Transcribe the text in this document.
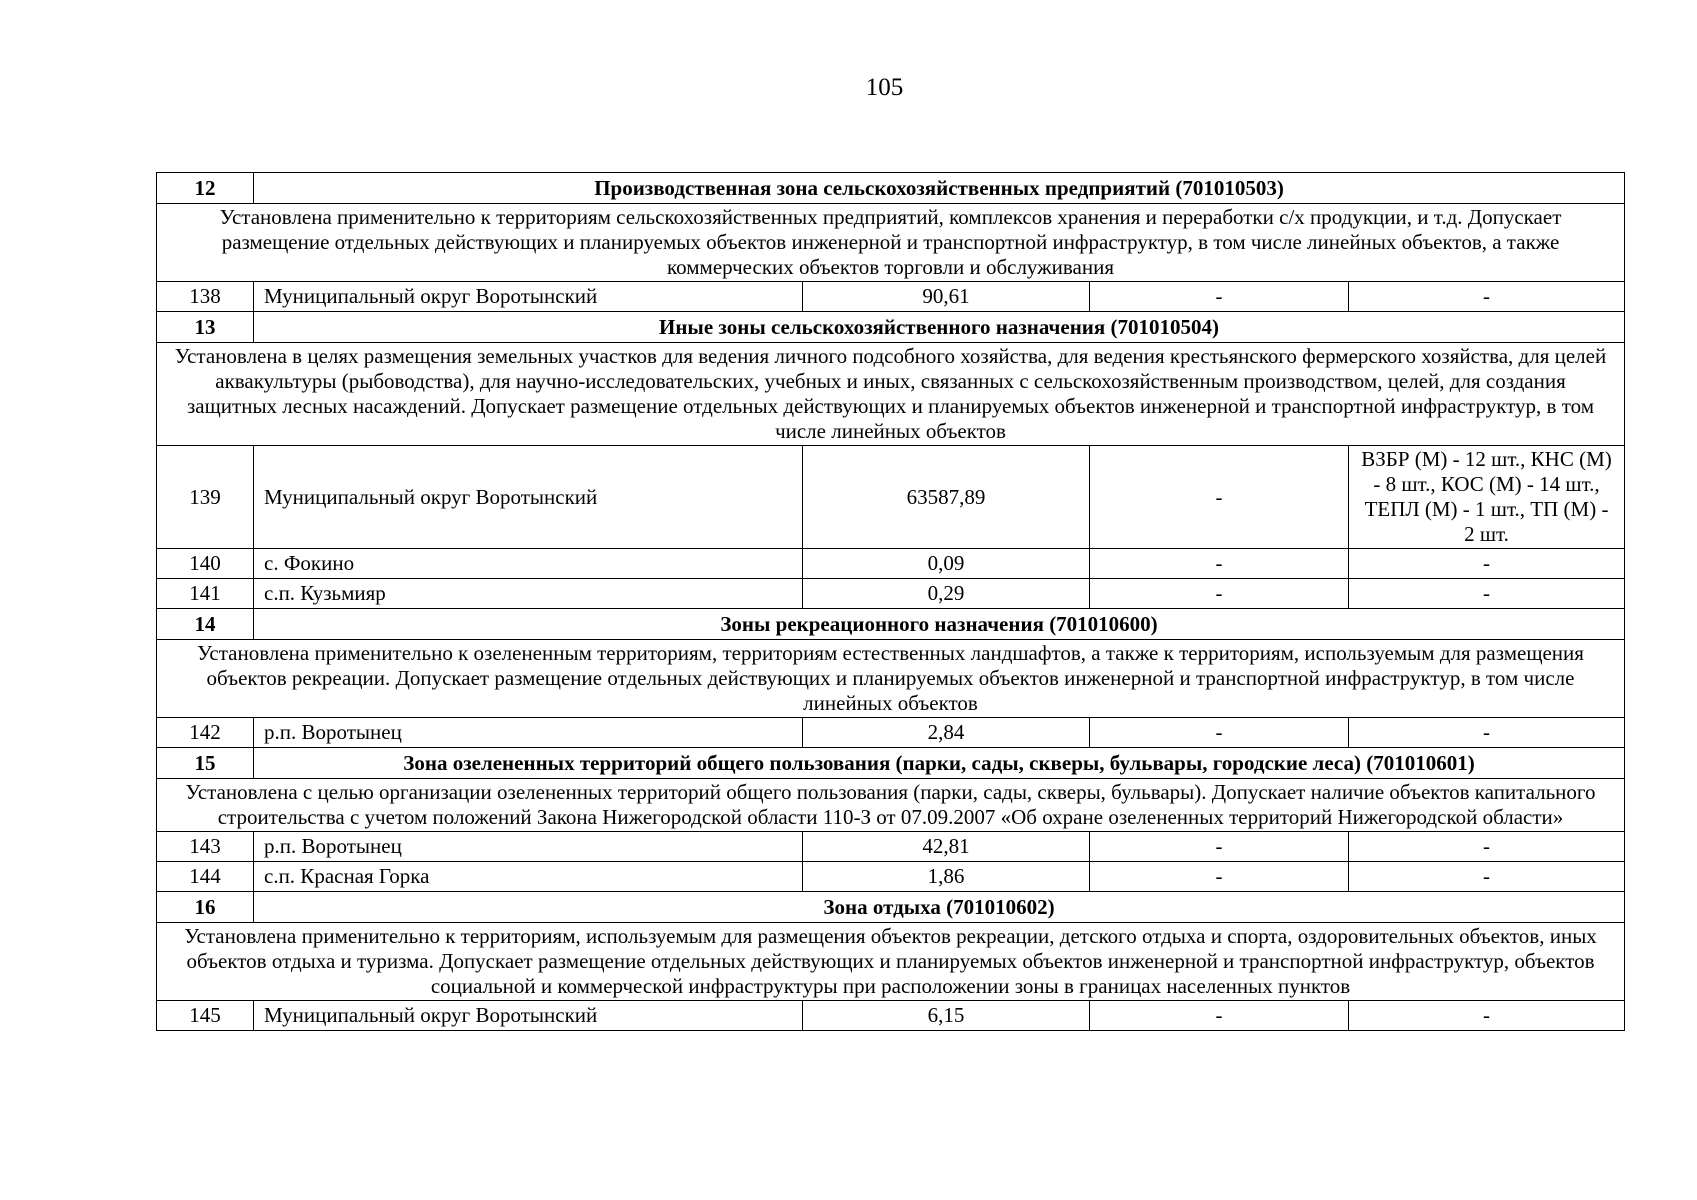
105
12	Производственная зона сельскохозяйственных предприятий (701010503)			
Установлена применительно к территориям сельскохозяйственных предприятий, комплексов хранения и переработки с/х продукции, и т.д. Допускает размещение отдельных действующих и планируемых объектов инженерной и транспортной инфраструктур, в том числе линейных объектов, а также коммерческих объектов торговли и обслуживания				
138	Муниципальный округ Воротынский	90,61	-	-
13	Иные зоны сельскохозяйственного назначения (701010504)			
Установлена в целях размещения земельных участков для ведения личного подсобного хозяйства, для ведения крестьянского фермерского хозяйства, для целей аквакультуры (рыбоводства), для научно-исследовательских, учебных и иных, связанных с сельскохозяйственным производством, целей, для создания защитных лесных насаждений. Допускает размещение отдельных действующих и планируемых объектов инженерной и транспортной инфраструктур, в том числе линейных объектов				
139	Муниципальный округ Воротынский	63587,89	-	ВЗБР (М) - 12 шт., КНС (М) - 8 шт., КОС (М) - 14 шт., ТЕПЛ (М) - 1 шт., ТП (М) - 2 шт.
140	с. Фокино	0,09	-	-
141	с.п. Кузьмияр	0,29	-	-
14	Зоны рекреационного назначения (701010600)			
Установлена применительно к озелененным территориям, территориям естественных ландшафтов, а также к территориям, используемым для размещения объектов рекреации. Допускает размещение отдельных действующих и планируемых объектов инженерной и транспортной инфраструктур, в том числе линейных объектов				
142	р.п. Воротынец	2,84	-	-
15	Зона озелененных территорий общего пользования (парки, сады, скверы, бульвары, городские леса) (701010601)			
Установлена с целью организации озелененных территорий общего пользования (парки, сады, скверы, бульвары). Допускает наличие объектов капитального строительства с учетом положений Закона Нижегородской области 110-З от 07.09.2007 «Об охране озелененных территорий Нижегородской области»				
143	р.п. Воротынец	42,81	-	-
144	с.п. Красная Горка	1,86	-	-
16	Зона отдыха (701010602)			
Установлена применительно к территориям, используемым для размещения объектов рекреации, детского отдыха и спорта, оздоровительных объектов, иных объектов отдыха и туризма. Допускает размещение отдельных действующих и планируемых объектов инженерной и транспортной инфраструктур, объектов социальной и коммерческой инфраструктуры при расположении зоны в границах населенных пунктов				
145	Муниципальный округ Воротынский	6,15	-	-
